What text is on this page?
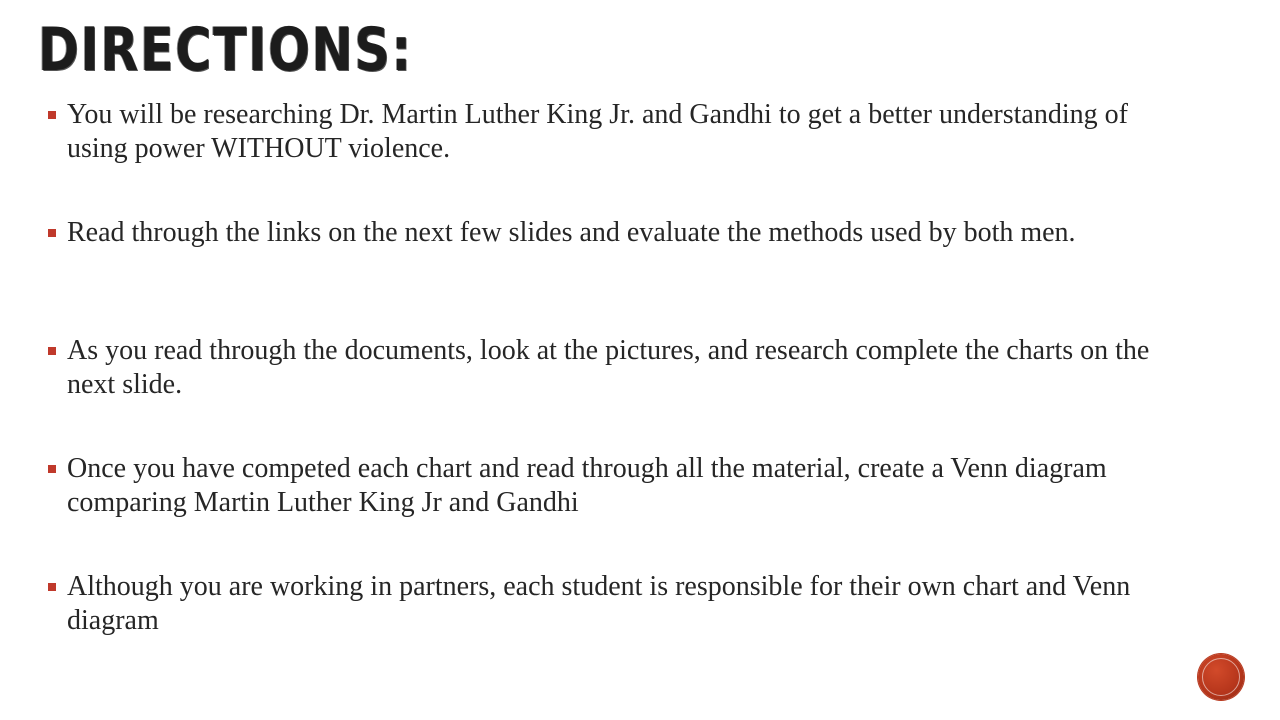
DIRECTIONS:
You will be researching Dr. Martin Luther King Jr. and Gandhi to get a better understanding of using power WITHOUT violence.
Read through the links on the next few slides and evaluate the methods used by both men.
As you read through the documents, look at the pictures, and research complete the charts on the next slide.
Once you have competed each chart and read through all the material, create a Venn diagram comparing Martin Luther King Jr and Gandhi
Although you are working in partners, each student is responsible for their own chart and Venn diagram
